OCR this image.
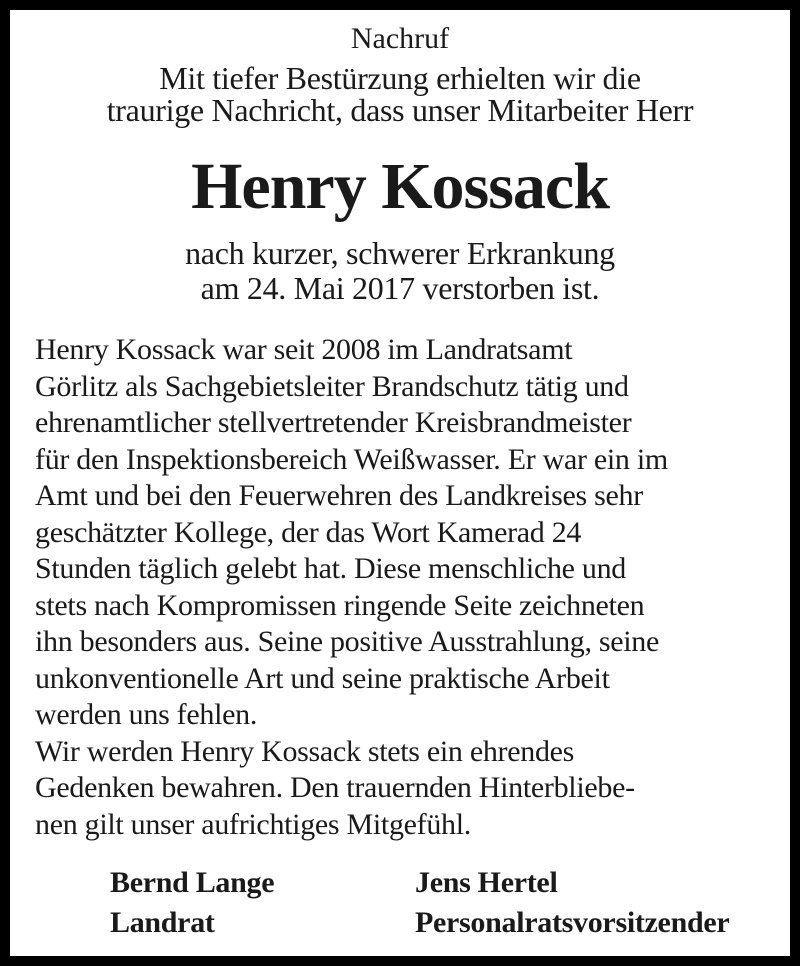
Nachruf
Mit tiefer Bestürzung erhielten wir die
traurige Nachricht, dass unser Mitarbeiter Herr
Henry Kossack
nach kurzer, schwerer Erkrankung
am 24. Mai 2017 verstorben ist.
Henry Kossack war seit 2008 im Landratsamt
Görlitz als Sachgebietsleiter Brandschutz tätig und
ehrenamtlicher stellvertretender Kreisbrandmeister
für den Inspektionsbereich Weißwasser. Er war ein im
Amt und bei den Feuerwehren des Landkreises sehr
geschätzter Kollege, der das Wort Kamerad 24
Stunden täglich gelebt hat. Diese menschliche und
stets nach Kompromissen ringende Seite zeichneten
ihn besonders aus. Seine positive Ausstrahlung, seine
unkonventionelle Art und seine praktische Arbeit
werden uns fehlen.
Wir werden Henry Kossack stets ein ehrendes
Gedenken bewahren. Den trauernden Hinterbliebe-
nen gilt unser aufrichtiges Mitgefühl.
Bernd Lange
Landrat
Jens Hertel
Personalratsvorsitzender
